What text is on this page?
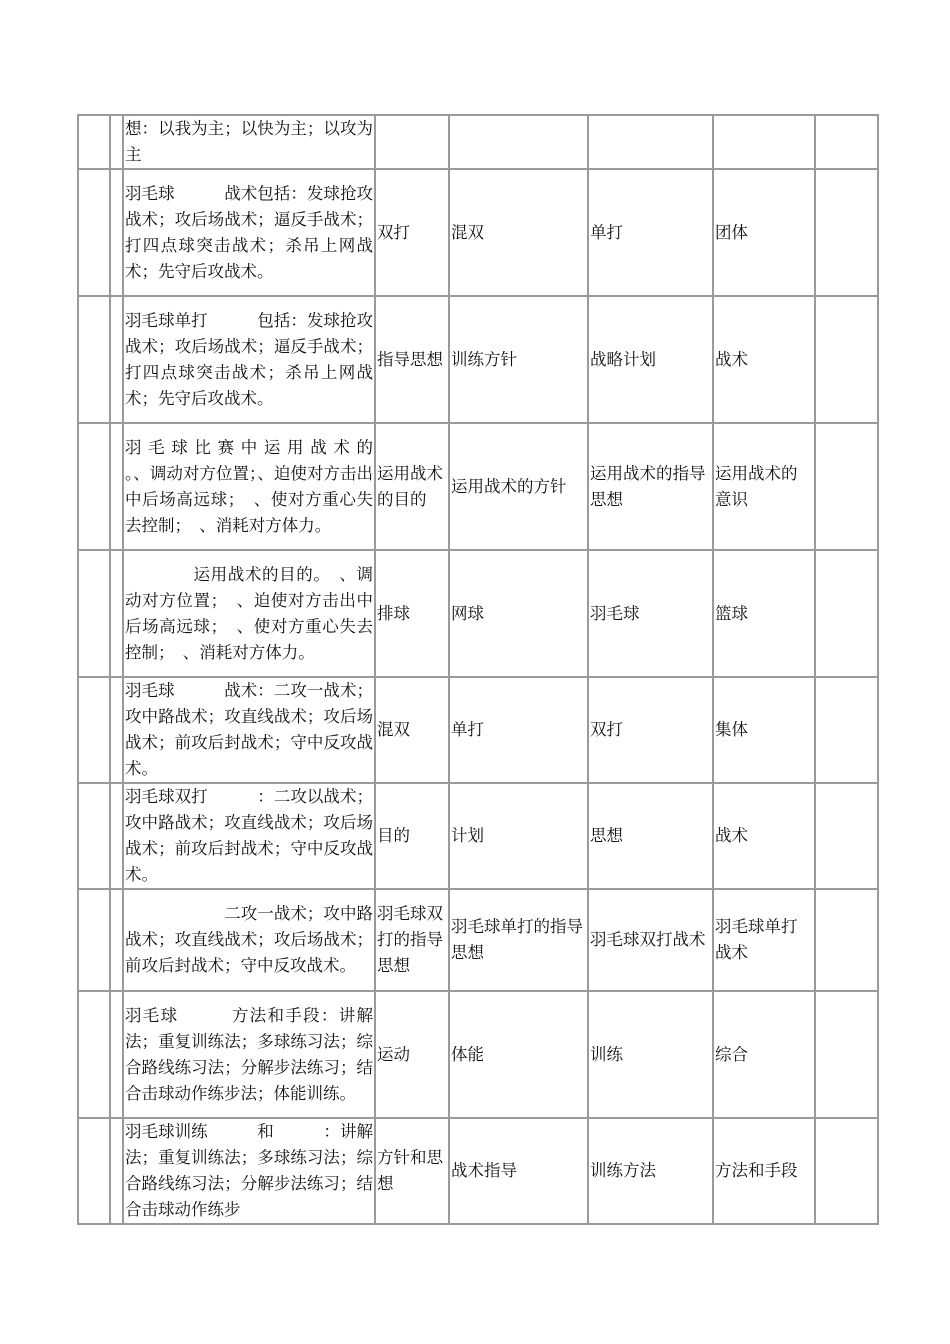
		想：以我为主；以快为主；以攻为主					
		羽毛球　　　战术包括：发球抢攻战术；攻后场战术；逼反手战术；打四点球突击战术；杀吊上网战术；先守后攻战术。	双打	混双	单打	团体	
		羽毛球单打　　　包括：发球抢攻战术；攻后场战术；逼反手战术；打四点球突击战术；杀吊上网战术；先守后攻战术。	指导思想	训练方针	战略计划	战术	
		羽毛球比赛中运用战术的　　　　　　。、调动对方位置；、迫使对方击出中后场高远球；　、使对方重心失去控制；　、消耗对方体力。	运用战术的目的	运用战术的方针	运用战术的指导思想	运用战术的意识	
		　　　　运用战术的目的。　、调动对方位置；　、迫使对方击出中后场高远球；　、使对方重心失去控制；　、消耗对方体力。	排球	网球	羽毛球	篮球	
		羽毛球　　　战术：二攻一战术；攻中路战术；攻直线战术；攻后场战术；前攻后封战术；守中反攻战术。	混双	单打	双打	集体	
		羽毛球双打　　　：二攻以战术；攻中路战术；攻直线战术；攻后场战术；前攻后封战术；守中反攻战术。	目的	计划	思想	战术	
		　　　　　　二攻一战术；攻中路战术；攻直线战术；攻后场战术；前攻后封战术；守中反攻战术。	羽毛球双打的指导思想	羽毛球单打的指导思想	羽毛球双打战术	羽毛球单打战术	
		羽毛球　　　方法和手段：讲解法；重复训练法；多球练习法；综合路线练习法；分解步法练习；结合击球动作练步法；体能训练。	运动	体能	训练	综合	
		羽毛球训练　　　和　　　：讲解法；重复训练法；多球练习法；综合路线练习法；分解步法练习；结合击球动作练步	方针和思想	战术指导	训练方法	方法和手段	
